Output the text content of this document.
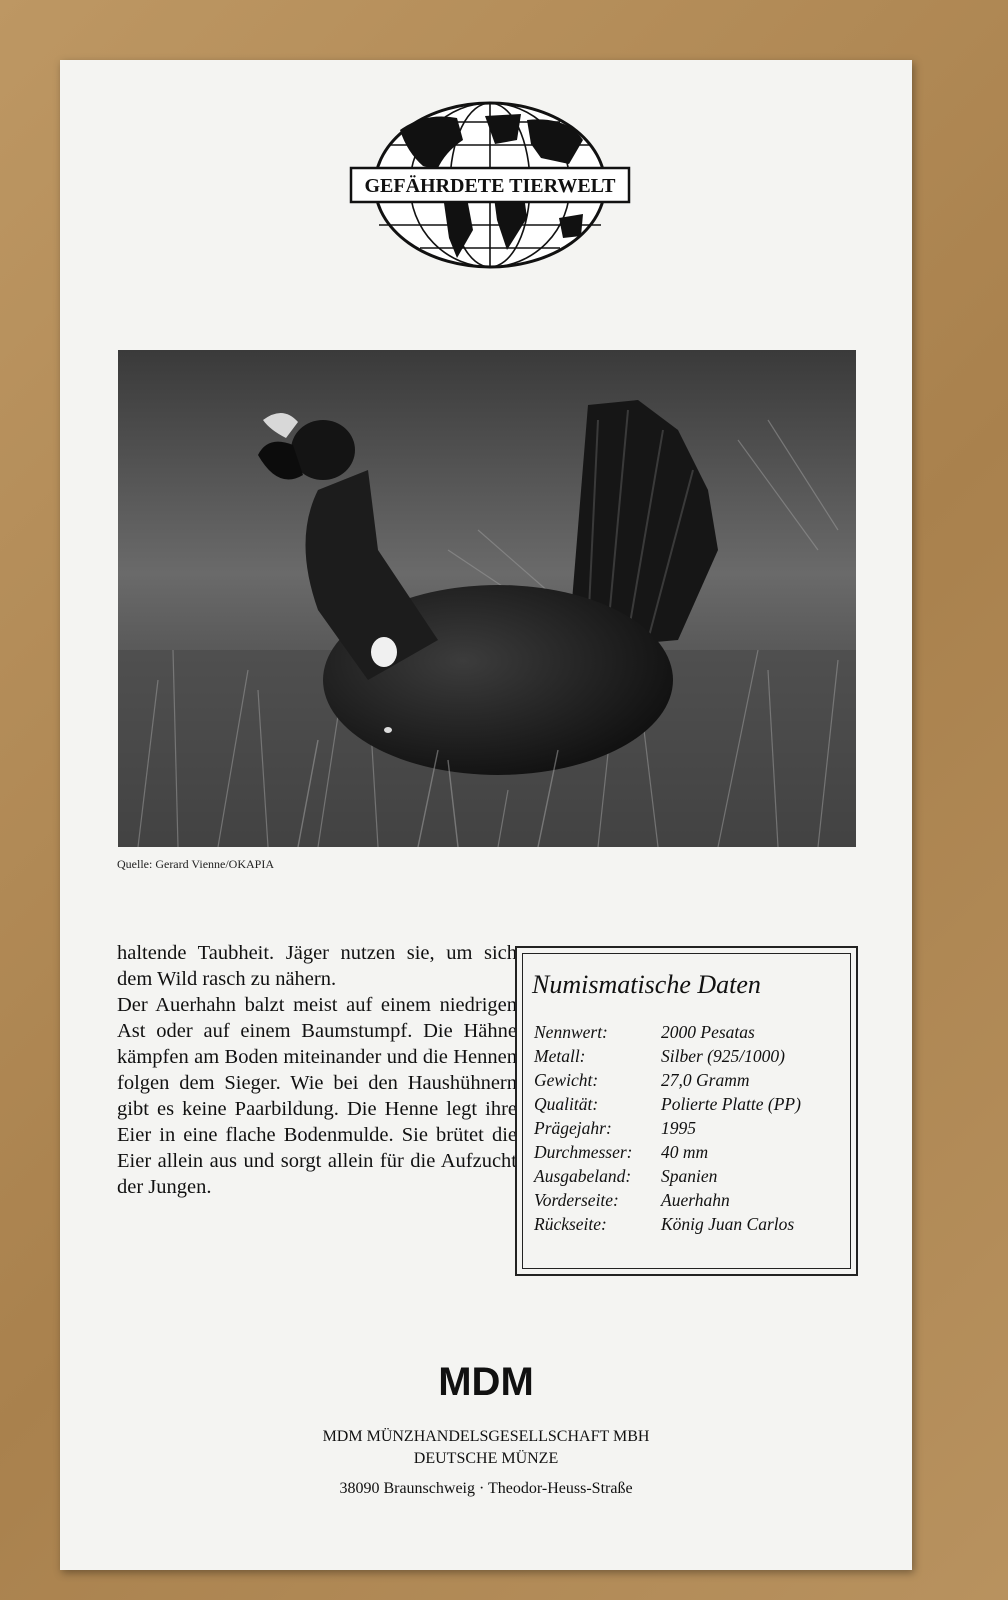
GEFÄHRDETE TIERWELT
Quelle: Gerard Vienne/OKAPIA

haltende Taubheit. Jäger nutzen sie, um sich dem Wild rasch zu nähern.

Der Auerhahn balzt meist auf einem niedrigen Ast oder auf einem Baumstumpf. Die Hähne kämpfen am Boden miteinander und die Hennen folgen dem Sieger. Wie bei den Haushühnern gibt es keine Paarbildung. Die Henne legt ihre Eier in eine flache Bodenmulde. Sie brütet die Eier allein aus und sorgt allein für die Aufzucht der Jungen.

Numismatische Daten
Nennwert:	2000 Pesatas
Metall:	Silber (925/1000)
Gewicht:	27,0 Gramm
Qualität:	Polierte Platte (PP)
Prägejahr:	1995
Durchmesser:	40 mm
Ausgabeland:	Spanien
Vorderseite:	Auerhahn
Rückseite:	König Juan Carlos
MDM
MDM MÜNZHANDELSGESELLSCHAFT MBH
DEUTSCHE MÜNZE
38090 Braunschweig · Theodor-Heuss-Straße
